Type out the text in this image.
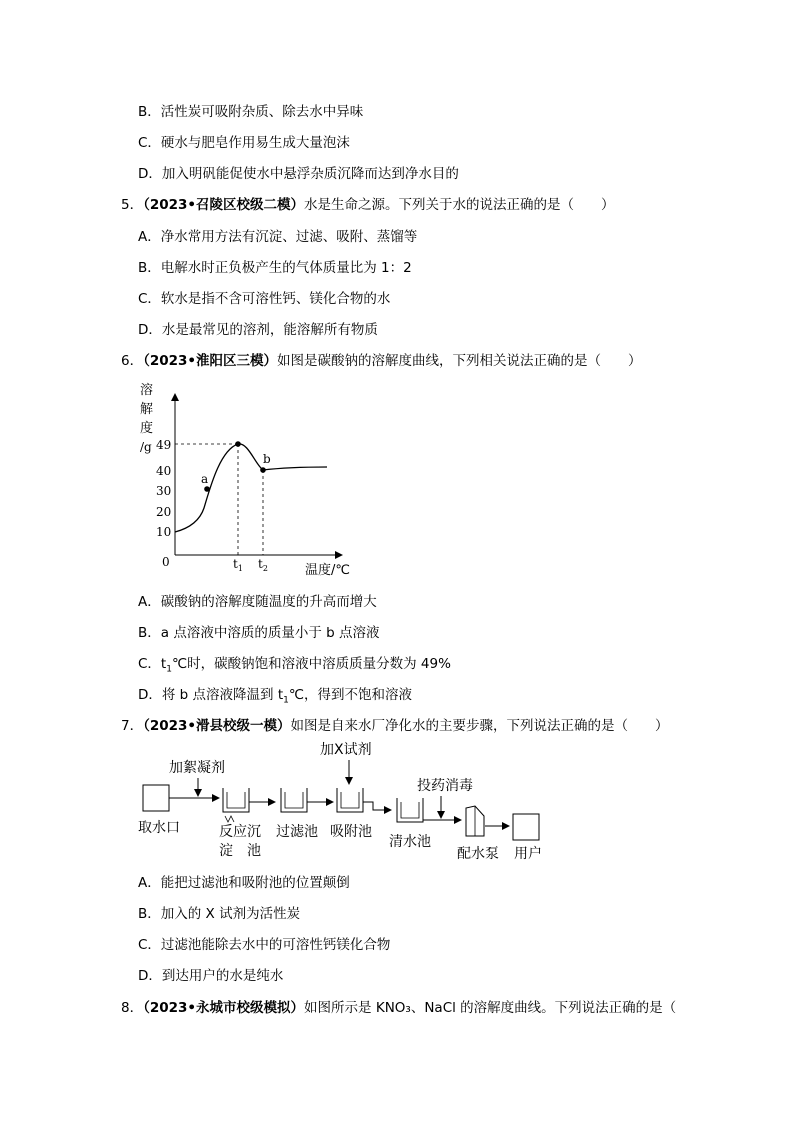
B．活性炭可吸附杂质、除去水中异味
C．硬水与肥皂作用易生成大量泡沫
D．加入明矾能促使水中悬浮杂质沉降而达到净水目的
5．（2023•召陵区校级二模）水是生命之源。下列关于水的说法正确的是（　　）
A．净水常用方法有沉淀、过滤、吸附、蒸馏等
B．电解水时正负极产生的气体质量比为 1：2
C．软水是指不含可溶性钙、镁化合物的水
D．水是最常见的溶剂，能溶解所有物质
6．（2023•淮阳区三模）如图是碳酸钠的溶解度曲线，下列相关说法正确的是（　　）
溶
解
度
/g 49
40
30
20
10
0
a
b
$t_1$ $t_2$	温度/℃
A．碳酸钠的溶解度随温度的升高而增大
B．a 点溶液中溶质的质量小于 b 点溶液
C．$t_1℃$时，碳酸钠饱和溶液中溶质质量分数为 49%
D．将 b 点溶液降温到 $t_1℃$，得到不饱和溶液
7．（2023•滑县校级一模）如图是自来水厂净化水的主要步骤，下列说法正确的是（　　）
加絮凝剂
加X试剂
投药消毒
取水口	反应沉
淀　池
过滤池 吸附池
清水池
配水泵 用户
A．能把过滤池和吸附池的位置颠倒
B．加入的 X 试剂为活性炭
C．过滤池能除去水中的可溶性钙镁化合物
D．到达用户的水是纯水
8．（2023•永城市校级模拟）如图所示是 KNO₃、NaCl 的溶解度曲线。下列说法正确的是（
